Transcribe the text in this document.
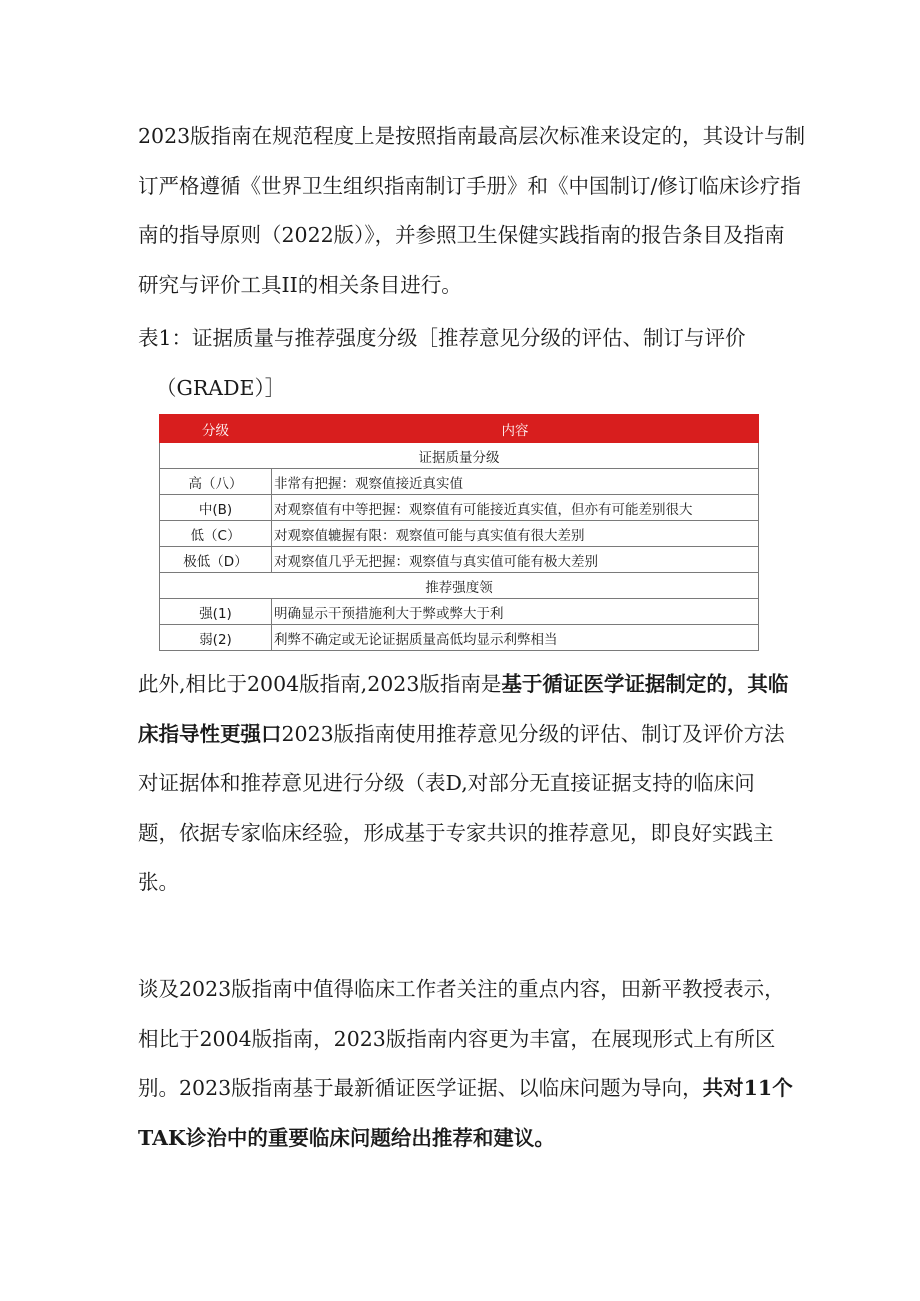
2023版指南在规范程度上是按照指南最高层次标准来设定的，其设计与制
订严格遵循《世界卫生组织指南制订手册》和《中国制订/修订临床诊疗指
南的指导原则（2022版）》，并参照卫生保健实践指南的报告条目及指南
研究与评价工具II的相关条目进行。
表1：证据质量与推荐强度分级［推荐意见分级的评估、制订与评价
（GRADE）］
分级	内容
证据质量分级	
高（八）	非常有把握：观察值接近真实值
中(B)	对观察值有中等把握：观察值有可能接近真实值，但亦有可能差别很大
低（C）	对观察值辘握有限：观察值可能与真实值有很大差别
极低（D）	对观察值几乎无把握：观察值与真实值可能有极大差别
推荐强度领	
强(1)	明确显示干预措施利大于弊或弊大于利
弱(2)	利弊不确定或无论证据质量高低均显示利弊相当
此外,相比于2004版指南,2023版指南是基于循证医学证据制定的，其临
床指导性更强口2023版指南使用推荐意见分级的评估、制订及评价方法
对证据体和推荐意见进行分级（表D,对部分无直接证据支持的临床问
题，依据专家临床经验，形成基于专家共识的推荐意见，即良好实践主
张。
谈及2023版指南中值得临床工作者关注的重点内容，田新平教授表示，
相比于2004版指南，2023版指南内容更为丰富，在展现形式上有所区
别。2023版指南基于最新循证医学证据、以临床问题为导向，共对11个
TAK诊治中的重要临床问题给出推荐和建议。
